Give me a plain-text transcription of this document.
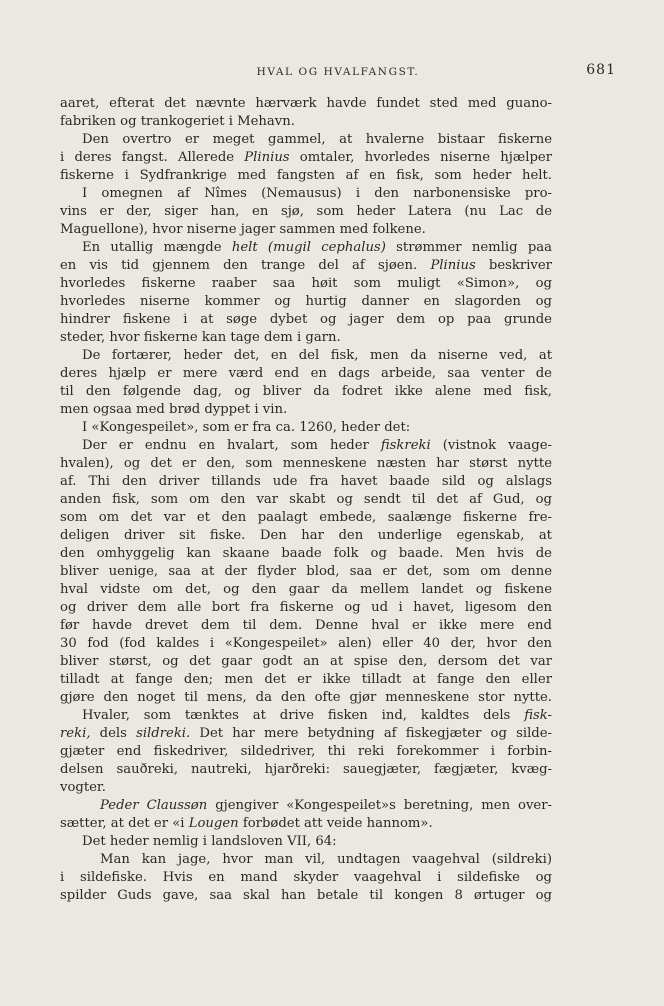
HVAL OG HVALFANGST.	681
aaret, efterat det nævnte hærværk havde fundet sted med guano-
fabriken og trankogeriet i Mehavn.
Den overtro er meget gammel, at hvalerne bistaar fiskerne
i deres fangst. Allerede Plinius omtaler, hvorledes niserne hjælper
fiskerne i Sydfrankrige med fangsten af en fisk, som heder helt.
I omegnen af Nîmes (Nemausus) i den narbonensiske pro-
vins er der, siger han, en sjø, som heder Latera (nu Lac de
Maguellone), hvor niserne jager sammen med folkene.
En utallig mængde helt (mugil cephalus) strømmer nemlig paa
en vis tid gjennem den trange del af sjøen. Plinius beskriver
hvorledes fiskerne raaber saa høit som muligt «Simon», og
hvorledes niserne kommer og hurtig danner en slagorden og
hindrer fiskene i at søge dybet og jager dem op paa grunde
steder, hvor fiskerne kan tage dem i garn.
De fortærer, heder det, en del fisk, men da niserne ved, at
deres hjælp er mere værd end en dags arbeide, saa venter de
til den følgende dag, og bliver da fodret ikke alene med fisk,
men ogsaa med brød dyppet i vin.
I «Kongespeilet», som er fra ca. 1260, heder det:
Der er endnu en hvalart, som heder fiskreki (vistnok vaage-
hvalen), og det er den, som menneskene næsten har størst nytte
af. Thi den driver tillands ude fra havet baade sild og alslags
anden fisk, som om den var skabt og sendt til det af Gud, og
som om det var et den paalagt embede, saalænge fiskerne fre-
deligen driver sit fiske. Den har den underlige egenskab, at
den omhyggelig kan skaane baade folk og baade. Men hvis de
bliver uenige, saa at der flyder blod, saa er det, som om denne
hval vidste om det, og den gaar da mellem landet og fiskene
og driver dem alle bort fra fiskerne og ud i havet, ligesom den
før havde drevet dem til dem. Denne hval er ikke mere end
30 fod (fod kaldes i «Kongespeilet» alen) eller 40 der, hvor den
bliver størst, og det gaar godt an at spise den, dersom det var
tilladt at fange den; men det er ikke tilladt at fange den eller
gjøre den noget til mens, da den ofte gjør menneskene stor nytte.
Hvaler, som tænktes at drive fisken ind, kaldtes dels fisk-
reki, dels sildreki. Det har mere betydning af fiskegjæter og silde-
gjæter end fiskedriver, sildedriver, thi reki forekommer i forbin-
delsen sauðreki, nautreki, hjarðreki: sauegjæter, fægjæter, kvæg-
vogter.
Peder Claussøn gjengiver «Kongespeilet»s beretning, men over-
sætter, at det er «i Lougen forbødet att veide hannom».
Det heder nemlig i landsloven VII, 64:
Man kan jage, hvor man vil, undtagen vaagehval (sildreki)
i sildefiske. Hvis en mand skyder vaagehval i sildefiske og
spilder Guds gave, saa skal han betale til kongen 8 ørtuger og
